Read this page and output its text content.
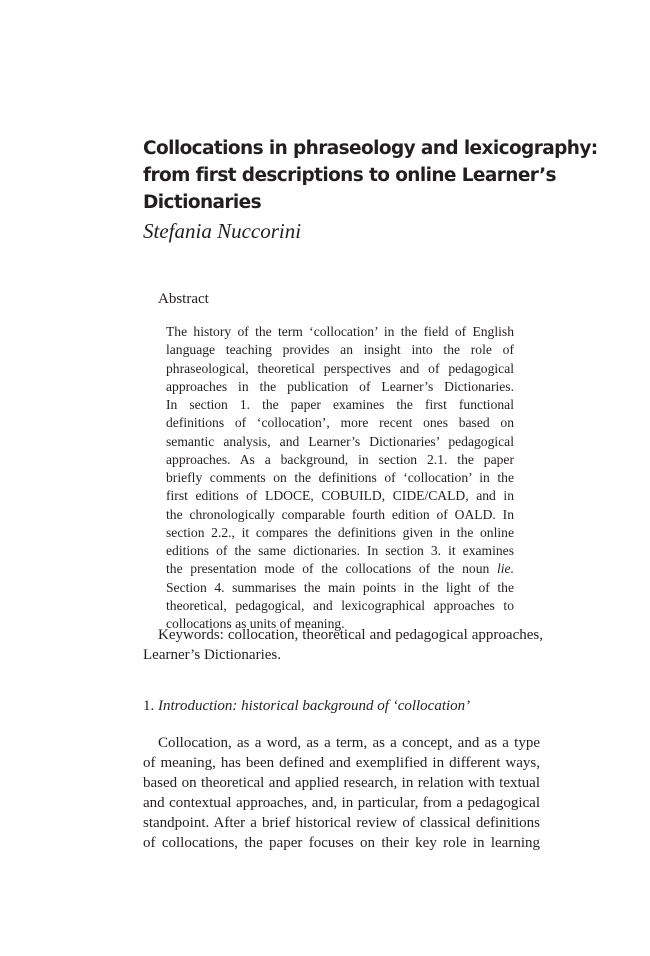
Collocations in phraseology and lexicography:
from first descriptions to online Learner’s
Dictionaries
Stefania Nuccorini
Abstract
The history of the term ‘collocation’ in the field of English
language teaching provides an insight into the role of
phraseological, theoretical perspectives and of pedagogical
approaches in the publication of Learner’s Dictionaries.
In section 1. the paper examines the first functional
definitions of ‘collocation’, more recent ones based on
semantic analysis, and Learner’s Dictionaries’ pedagogical
approaches. As a background, in section 2.1. the paper
briefly comments on the definitions of ‘collocation’ in the
first editions of LDOCE, COBUILD, CIDE/CALD, and in
the chronologically comparable fourth edition of OALD. In
section 2.2., it compares the definitions given in the online
editions of the same dictionaries. In section 3. it examines
the presentation mode of the collocations of the noun lie.
Section 4. summarises the main points in the light of the
theoretical, pedagogical, and lexicographical approaches to
collocations as units of meaning.
Keywords: collocation, theoretical and pedagogical approaches,
Learner’s Dictionaries.
1. Introduction: historical background of ‘collocation’
Collocation, as a word, as a term, as a concept, and as a type
of meaning, has been defined and exemplified in different ways,
based on theoretical and applied research, in relation with textual
and contextual approaches, and, in particular, from a pedagogical
standpoint. After a brief historical review of classical definitions
of collocations, the paper focuses on their key role in learning
